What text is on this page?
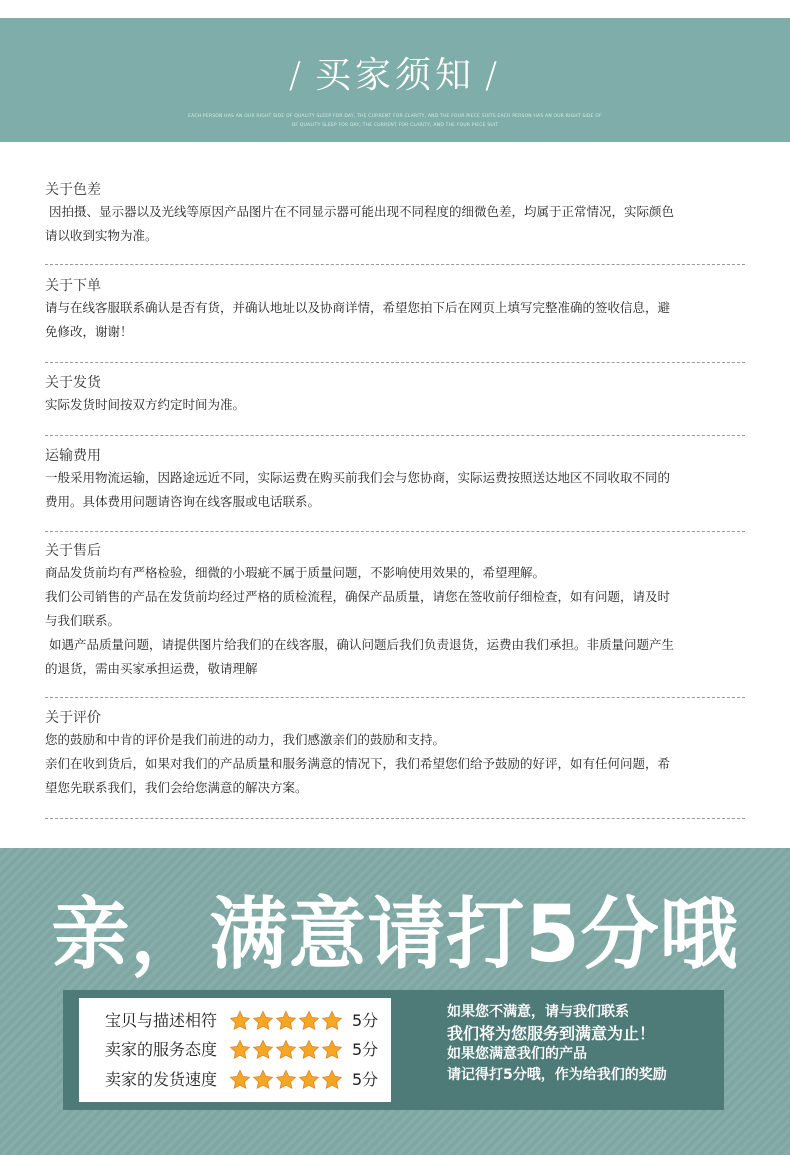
/ 买家须知 /
EACH PERSON HAS AN OUR RIGHT SIDE OF QUALITY SLEEP FOR DAY, THE CURRENT FOR CLARITY, AND THE FOUR PIECE SUITS EACH PERSON HAS AN OUR RIGHT SIDE OF
OF QUALITY SLEEP FOR DAY, THE CURRENT FOR CLARITY, AND THE FOUR PIECE SUIT
关于色差

因拍摄、显示器以及光线等原因产品图片在不同显示器可能出现不同程度的细微色差，均属于正常情况，实际颜色

请以收到实物为准。

关于下单

请与在线客服联系确认是否有货，并确认地址以及协商详情，希望您拍下后在网页上填写完整准确的签收信息，避

免修改，谢谢！

关于发货

实际发货时间按双方约定时间为准。

运输费用

一般采用物流运输，因路途远近不同，实际运费在购买前我们会与您协商，实际运费按照送达地区不同收取不同的

费用。具体费用问题请咨询在线客服或电话联系。

关于售后

商品发货前均有严格检验，细微的小瑕疵不属于质量问题，不影响使用效果的，希望理解。

我们公司销售的产品在发货前均经过严格的质检流程，确保产品质量，请您在签收前仔细检查，如有问题，请及时

与我们联系。

如遇产品质量问题，请提供图片给我们的在线客服，确认问题后我们负责退货，运费由我们承担。非质量问题产生

的退货，需由买家承担运费，敬请理解

关于评价

您的鼓励和中肯的评价是我们前进的动力，我们感激亲们的鼓励和支持。

亲们在收到货后，如果对我们的产品质量和服务满意的情况下，我们希望您们给予鼓励的好评，如有任何问题，希

望您先联系我们，我们会给您满意的解决方案。

亲，满意请打5分哦
宝贝与描述相符	5分
卖家的服务态度	5分
卖家的发货速度	5分
如果您不满意，请与我们联系
我们将为您服务到满意为止！
如果您满意我们的产品
请记得打5分哦，作为给我们的奖励
